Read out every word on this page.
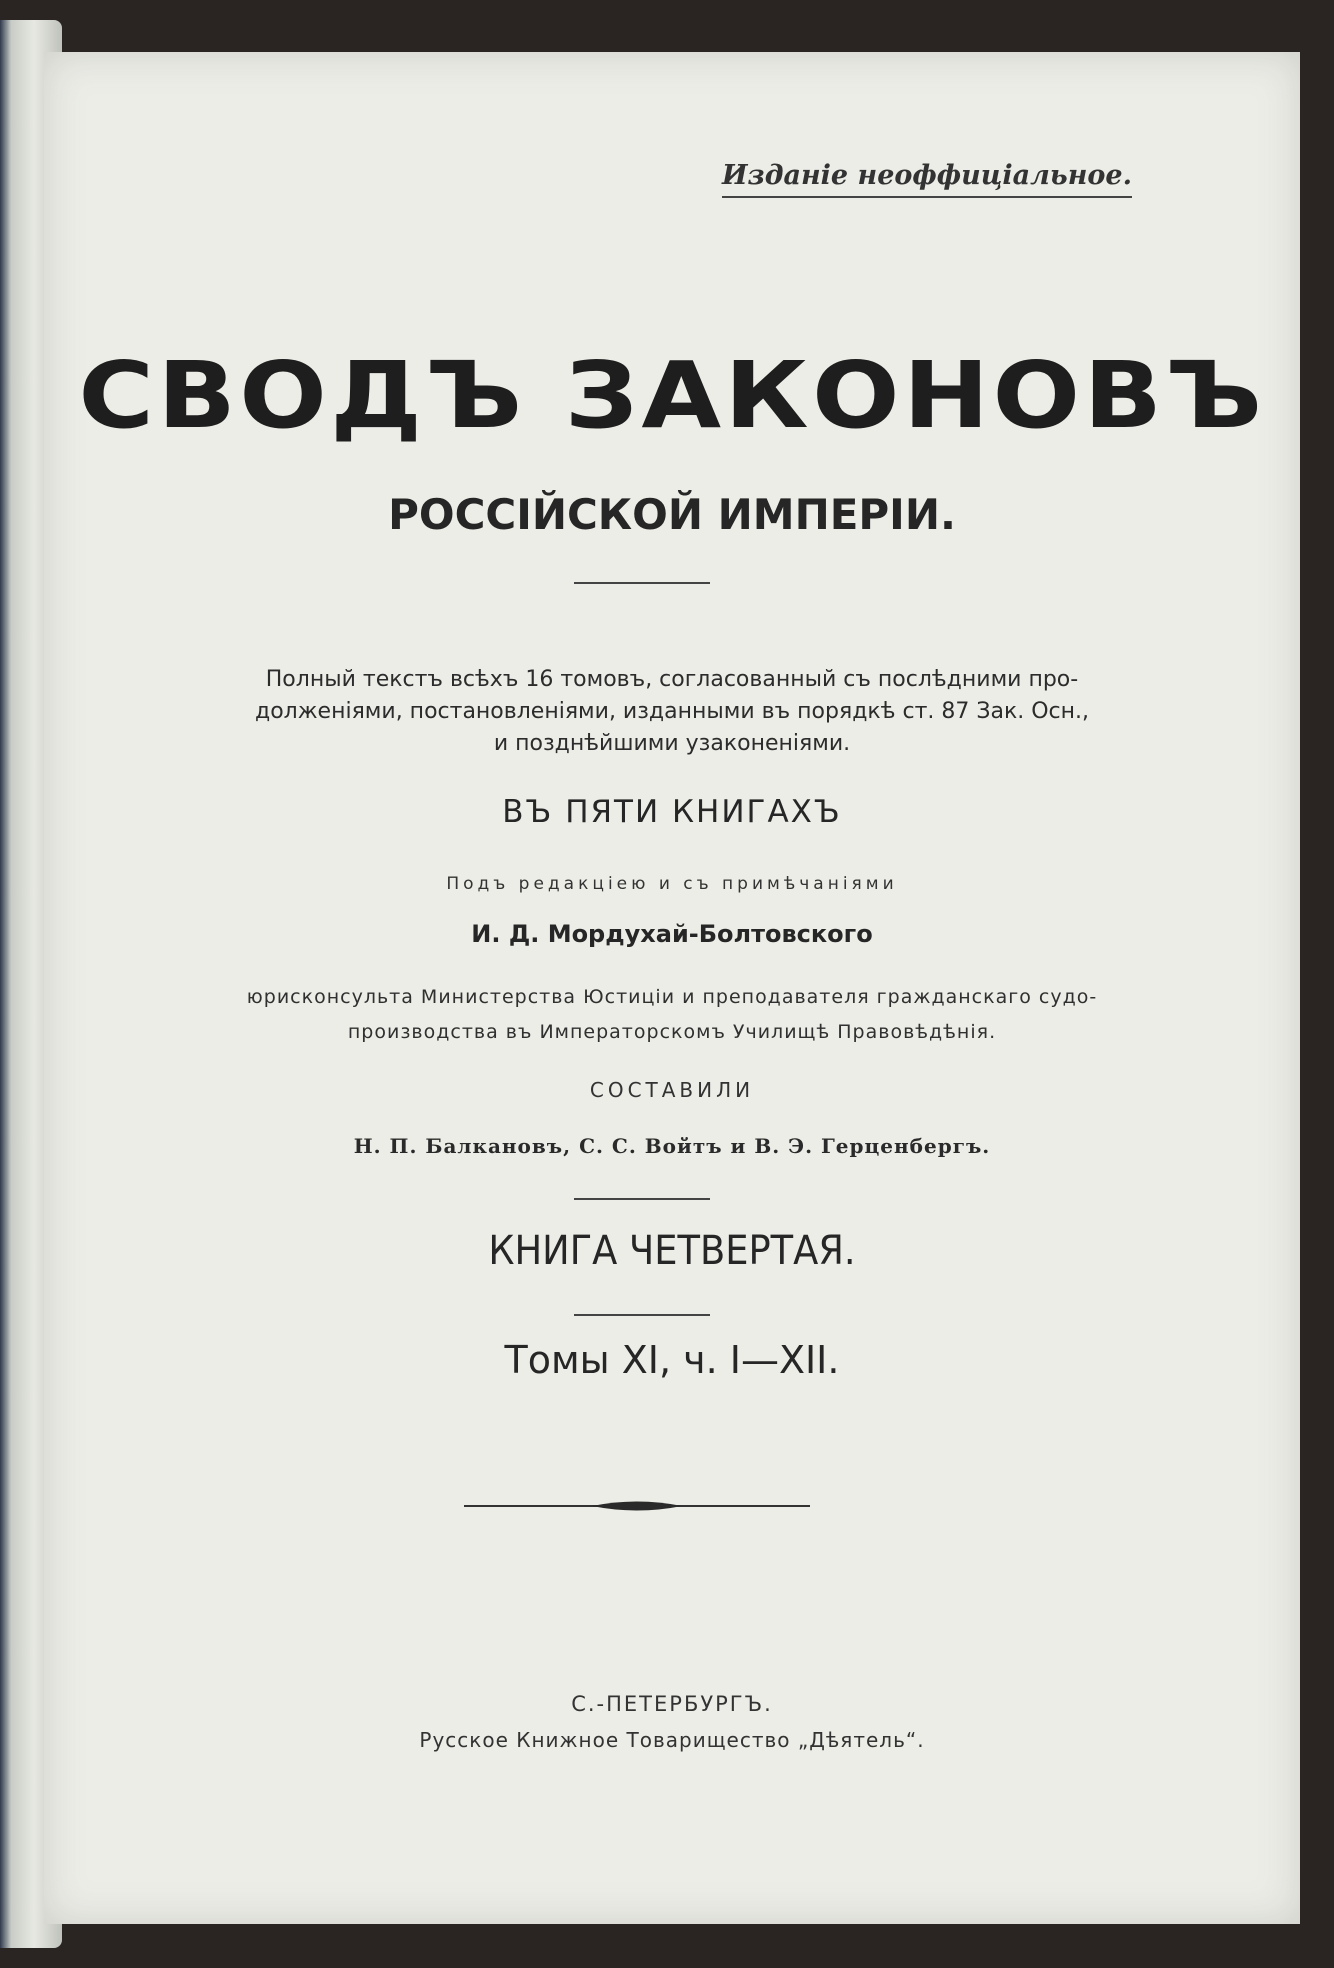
Изданіе неоффиціальное.
СВОДЪ ЗАКОНОВЪ
РОССІЙСКОЙ ИМПЕРІИ.
Полный текстъ всѣхъ 16 томовъ, согласованный съ послѣдними про-
долженіями, постановленіями, изданными въ порядкѣ ст. 87 Зак. Осн.,
и позднѣйшими узаконеніями.
ВЪ ПЯТИ КНИГАХЪ
Подъ редакціею и съ примѣчаніями
И. Д. Мордухай-Болтовского
юрисконсульта Министерства Юстиціи и преподавателя гражданскаго судо-
производства въ Императорскомъ Училищѣ Правовѣдѣнія.
СОСТАВИЛИ
Н. П. Балкановъ, С. С. Войтъ и В. Э. Герценбергъ.
КНИГА ЧЕТВЕРТАЯ.
Томы XI, ч. I—XII.
С.-ПЕТЕРБУРГЪ.
Русское Книжное Товарищество „Дѣятель“.
